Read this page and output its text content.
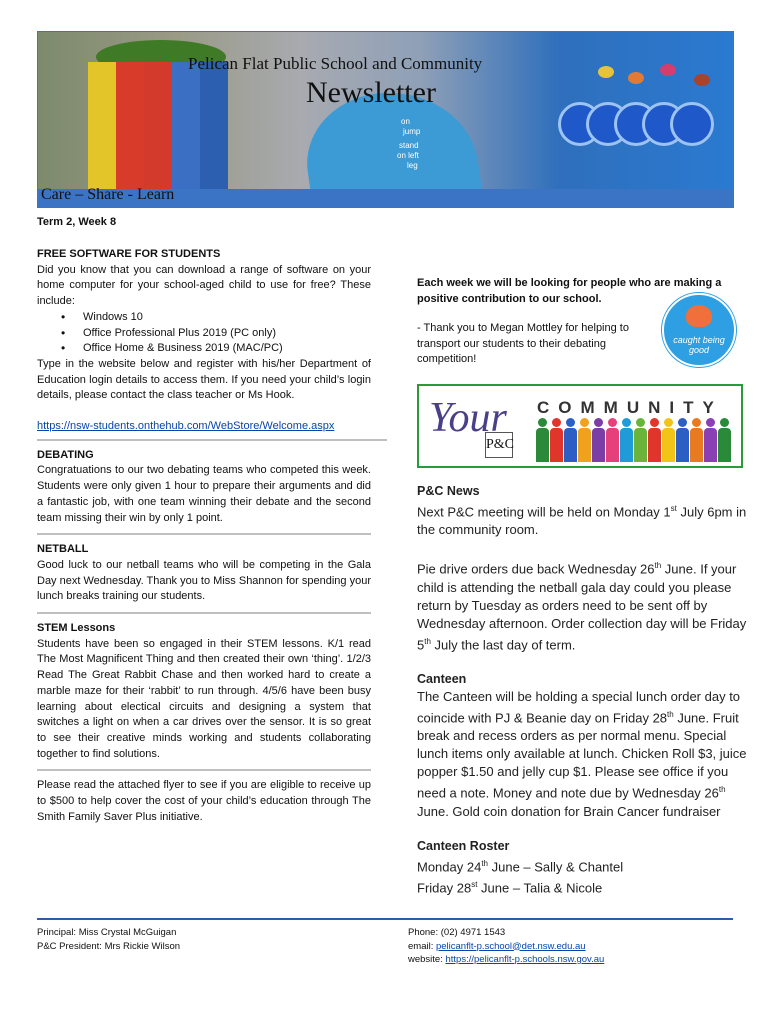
on
jump
stand
on left
leg
Pelican Flat Public School and Community
Newsletter
Care – Share - Learn
Term 2, Week 8
FREE SOFTWARE FOR STUDENTS

Did you know that you can download a range of software on your home computer for your school-aged child to use for free? These include:

• Windows 10
• Office Professional Plus 2019 (PC only)
• Office Home & Business 2019 (MAC/PC)

Type in the website below and register with his/her Department of Education login details to access them. If you need your child’s login details, please contact the class teacher or Ms Hook.

https://nsw-students.onthehub.com/WebStore/Welcome.aspx

DEBATING

Congratuations to our two debating teams who competed this week. Students were only given 1 hour to prepare their arguments and did a fantastic job, with one team winning their debate and the second team missing their win by only 1 point.

NETBALL

Good luck to our netball teams who will be competing in the Gala Day next Wednesday. Thank you to Miss Shannon for spending your lunch breaks training our students.

STEM Lessons

Students have been so engaged in their STEM lessons. K/1 read The Most Magnificent Thing and then created their own ‘thing’. 1/2/3 Read The Great Rabbit Chase and then worked hard to create a marble maze for their ‘rabbit’ to run through. 4/5/6 have been busy learning about electical circuits and designing a system that switches a light on when a car drives over the sensor. It is so great to see their creative minds working and students collaborating together to find solutions.

Please read the attached flyer to see if you are eligible to receive up to $500 to help cover the cost of your child’s education through The Smith Family Saver Plus initiative.

Each week we will be looking for people who are making a positive contribution to our school.

- Thank you to Megan Mottley for helping to transport our students to their debating competition!

caught being good
Your
P&C
COMMUNITY
P&C News

Next P&C meeting will be held on Monday 1st July 6pm in the community room.

Pie drive orders due back Wednesday 26th June. If your child is attending the netball gala day could you please return by Tuesday as orders need to be sent off by Wednesday afternoon. Order collection day will be Friday 5th July the last day of term.

Canteen

The Canteen will be holding a special lunch order day to coincide with PJ & Beanie day on Friday 28th June. Fruit break and recess orders as per normal menu. Special lunch items only available at lunch. Chicken Roll $3, juice popper $1.50 and jelly cup $1. Please see office if you need a note. Money and note due by Wednesday 26th June. Gold coin donation for Brain Cancer fundraiser

Canteen Roster

Monday 24th June – Sally & Chantel

Friday 28st June – Talia & Nicole

Principal: Miss Crystal McGuigan
P&C President: Mrs Rickie Wilson
Phone: (02) 4971 1543
email: pelicanflt-p.school@det.nsw.edu.au
website: https://pelicanflt-p.schools.nsw.gov.au
